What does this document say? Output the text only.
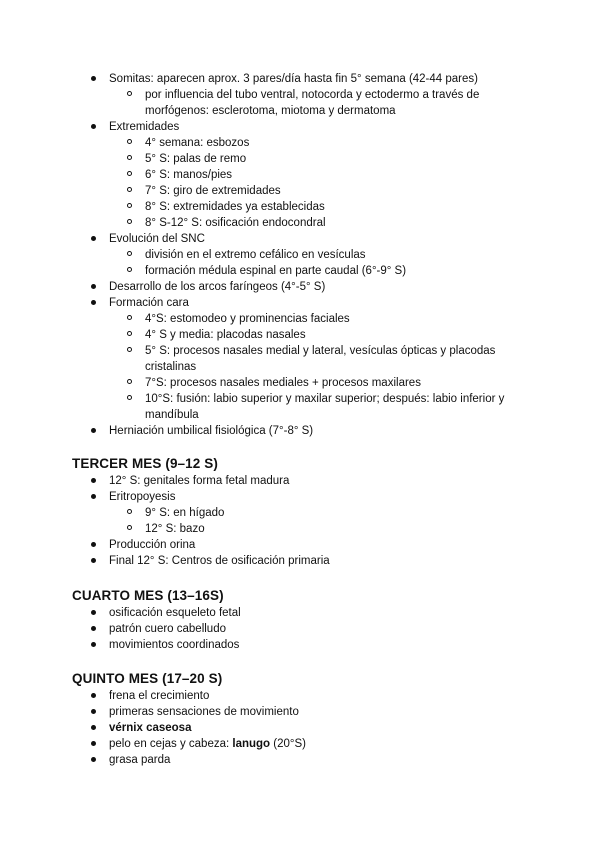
Somitas: aparecen aprox. 3 pares/día hasta fin 5° semana (42-44 pares)
por influencia del tubo ventral, notocorda y ectodermo a través de morfógenos: esclerotoma, miotoma y dermatoma
Extremidades
4° semana: esbozos
5° S: palas de remo
6° S: manos/pies
7° S: giro de extremidades
8° S: extremidades ya establecidas
8° S-12° S: osificación endocondral
Evolución del SNC
división en el extremo cefálico en vesículas
formación médula espinal en parte caudal (6°-9° S)
Desarrollo de los arcos faríngeos (4°-5° S)
Formación cara
4°S: estomodeo y prominencias faciales
4° S y media: placodas nasales
5° S: procesos nasales medial y lateral, vesículas ópticas y placodas cristalinas
7°S: procesos nasales mediales + procesos maxilares
10°S: fusión: labio superior y maxilar superior; después: labio inferior y mandíbula
Herniación umbilical fisiológica (7°-8° S)
TERCER MES (9–12 S)
12° S: genitales forma fetal madura
Eritropoyesis
9° S: en hígado
12° S: bazo
Producción orina
Final 12° S: Centros de osificación primaria
CUARTO MES (13–16S)
osificación esqueleto fetal
patrón cuero cabelludo
movimientos coordinados
QUINTO MES (17–20 S)
frena el crecimiento
primeras sensaciones de movimiento
vérnix caseosa
pelo en cejas y cabeza: lanugo (20°S)
grasa parda
